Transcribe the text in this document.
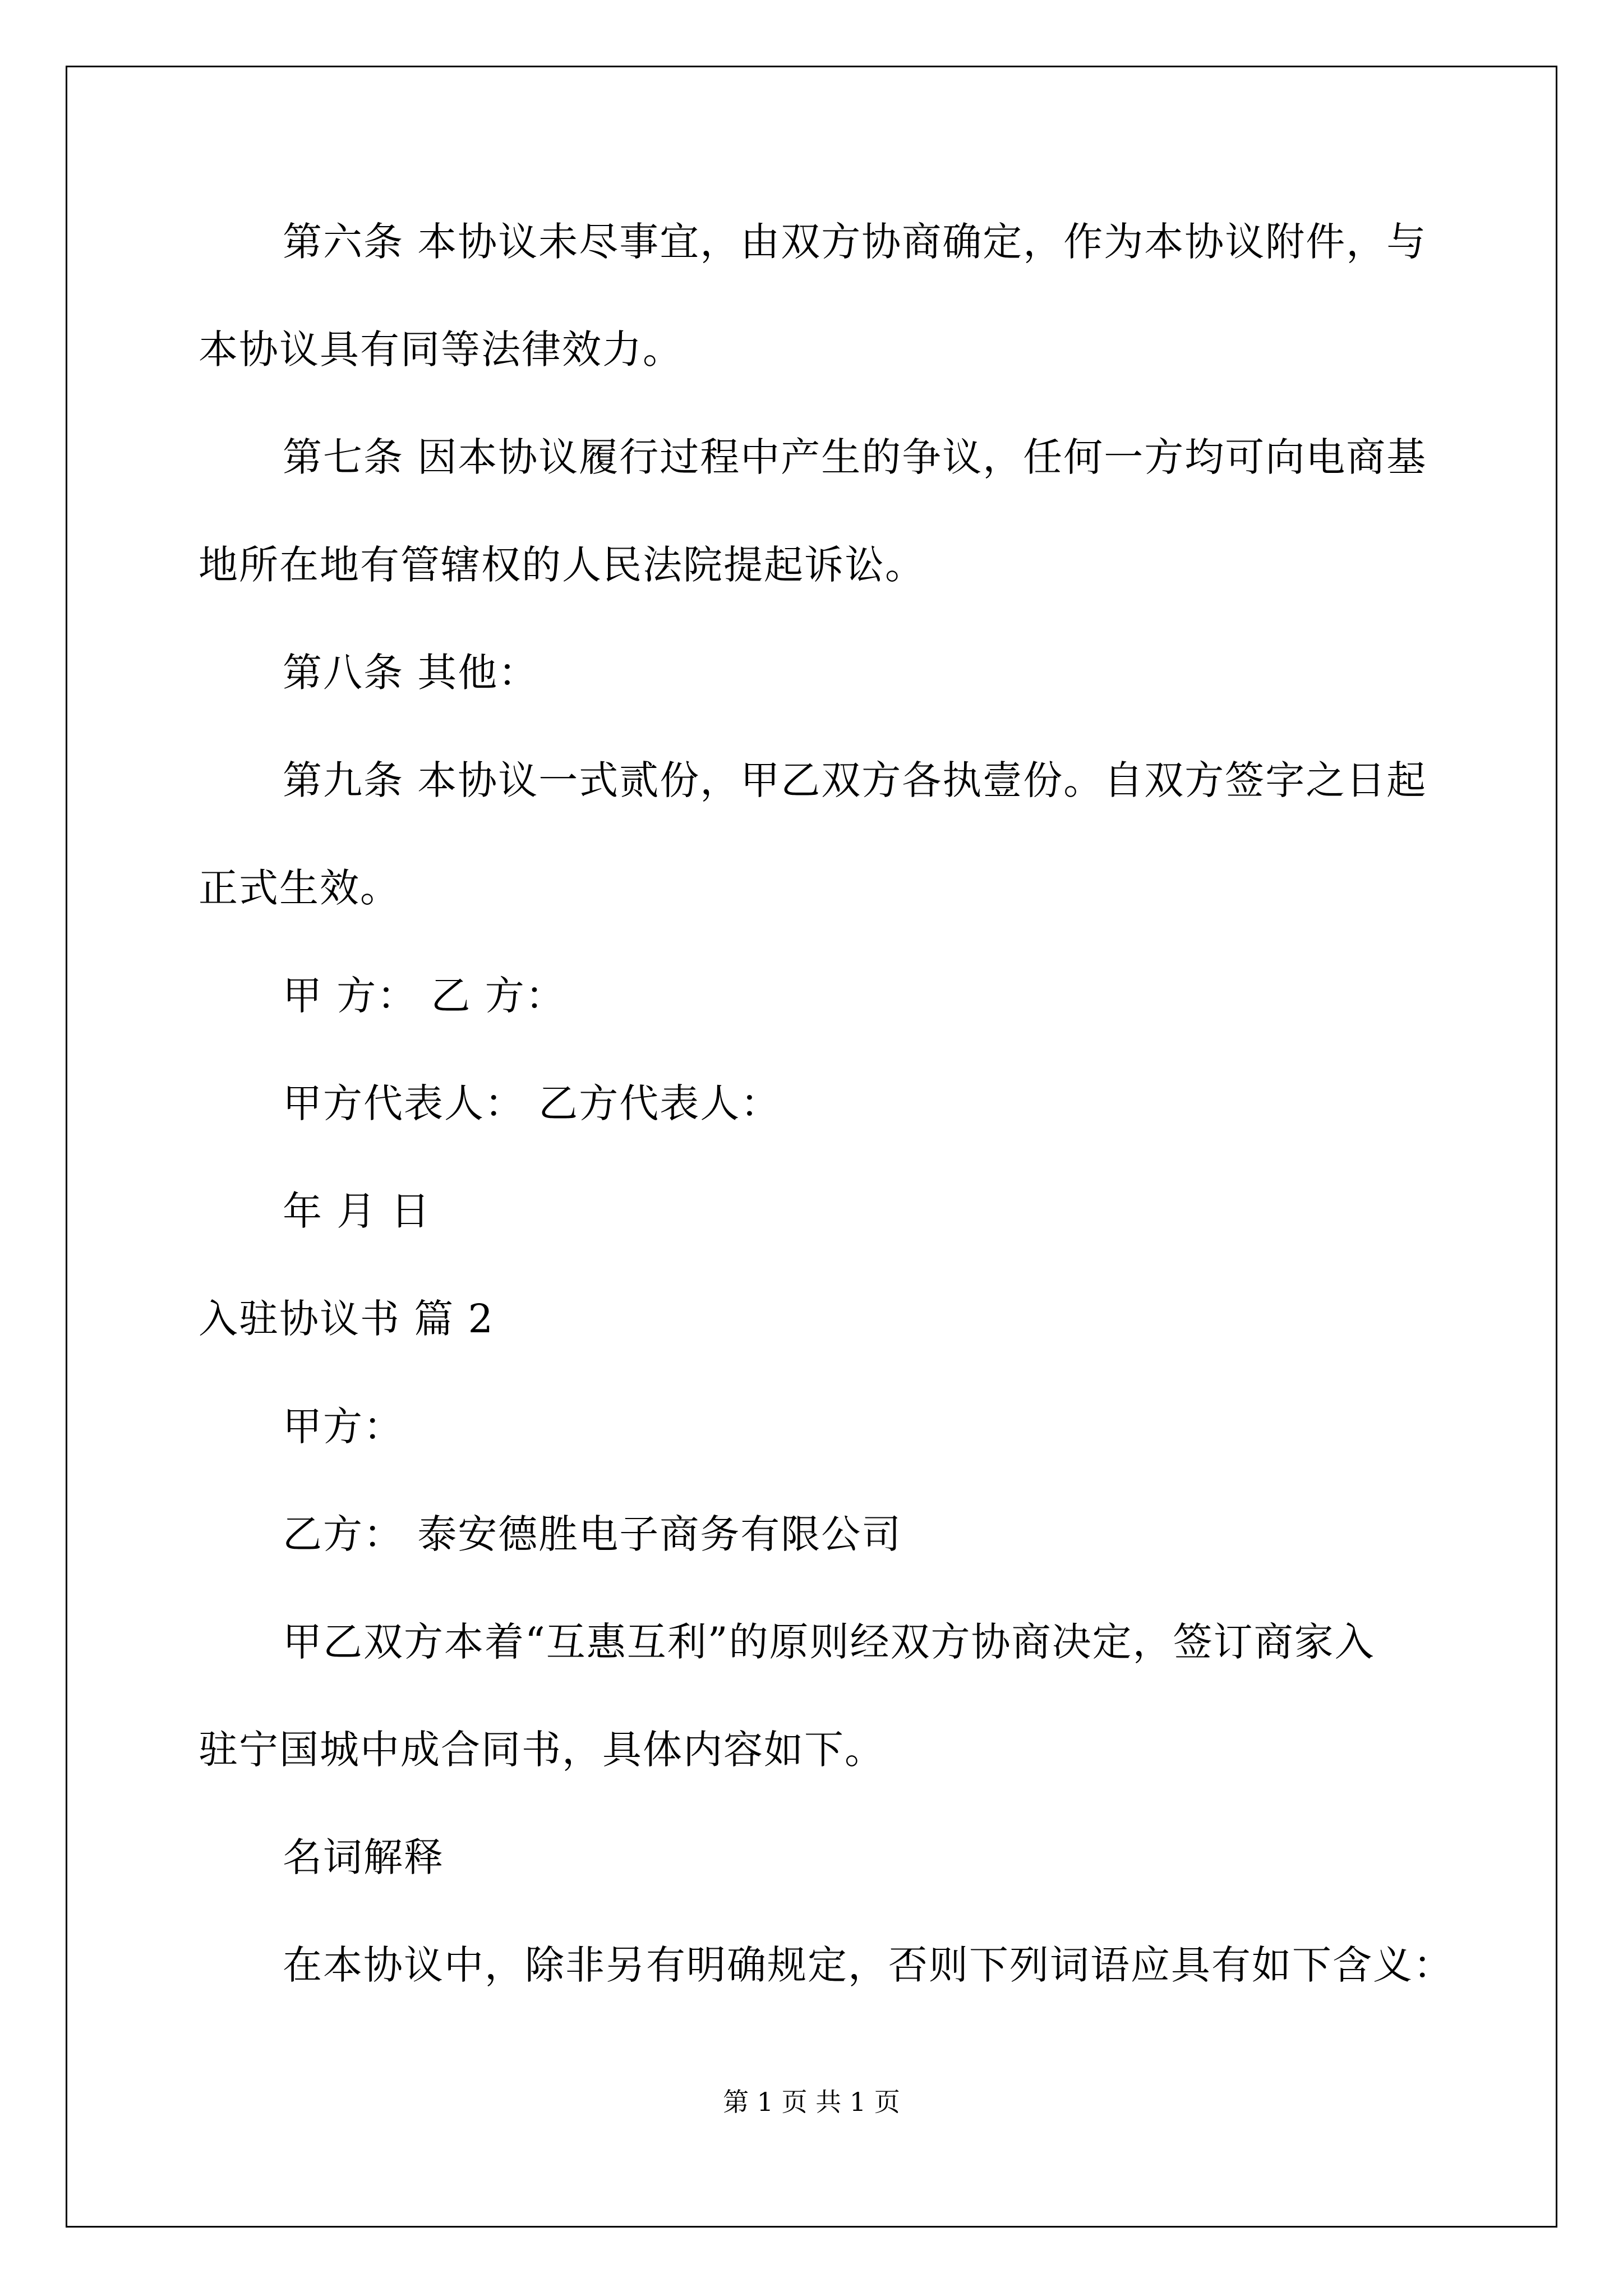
第六条 本协议未尽事宜，由双方协商确定，作为本协议附件，与

本协议具有同等法律效力。

第七条 因本协议履行过程中产生的争议，任何一方均可向电商基

地所在地有管辖权的人民法院提起诉讼。

第八条 其他：

第九条 本协议一式贰份，甲乙双方各执壹份。自双方签字之日起

正式生效。

甲 方： 乙 方：

甲方代表人： 乙方代表人：

年 月 日

入驻协议书 篇 2

甲方：

乙方： 泰安德胜电子商务有限公司

甲乙双方本着“互惠互利”的原则经双方协商决定，签订商家入

驻宁国城中成合同书，具体内容如下。

名词解释

在本协议中，除非另有明确规定，否则下列词语应具有如下含义：

第 1 页 共 1 页
